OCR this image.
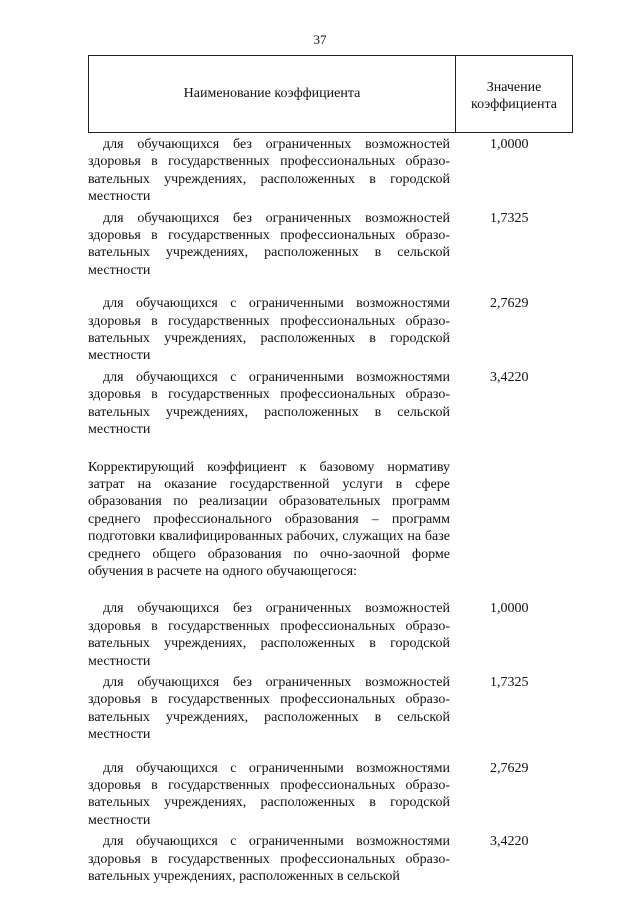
37
Наименование коэффициента	Значение коэффициента
для обучающихся без ограниченных возможностей здоровья в государственных профессиональных образовательных учреждениях, расположенных в городской местности
1,0000
для обучающихся без ограниченных возможностей здоровья в государственных профессиональных образовательных учреждениях, расположенных в сельской местности
1,7325
для обучающихся с ограниченными возможностями здоровья в государственных профессиональных образовательных учреждениях, расположенных в городской местности
2,7629
для обучающихся с ограниченными возможностями здоровья в государственных профессиональных образовательных учреждениях, расположенных в сельской местности
3,4220
Корректирующий коэффициент к базовому нормативу затрат на оказание государственной услуги в сфере образования по реализации образовательных программ среднего профессионального образования – программ подготовки квалифицированных рабочих, служащих на базе среднего общего образования по очно-заочной форме обучения в расчете на одного обучающегося:
для обучающихся без ограниченных возможностей здоровья в государственных профессиональных образовательных учреждениях, расположенных в городской местности
1,0000
для обучающихся без ограниченных возможностей здоровья в государственных профессиональных образовательных учреждениях, расположенных в сельской местности
1,7325
для обучающихся с ограниченными возможностями здоровья в государственных профессиональных образовательных учреждениях, расположенных в городской местности
2,7629
для обучающихся с ограниченными возможностями здоровья в государственных профессиональных образовательных учреждениях, расположенных в сельской
3,4220
